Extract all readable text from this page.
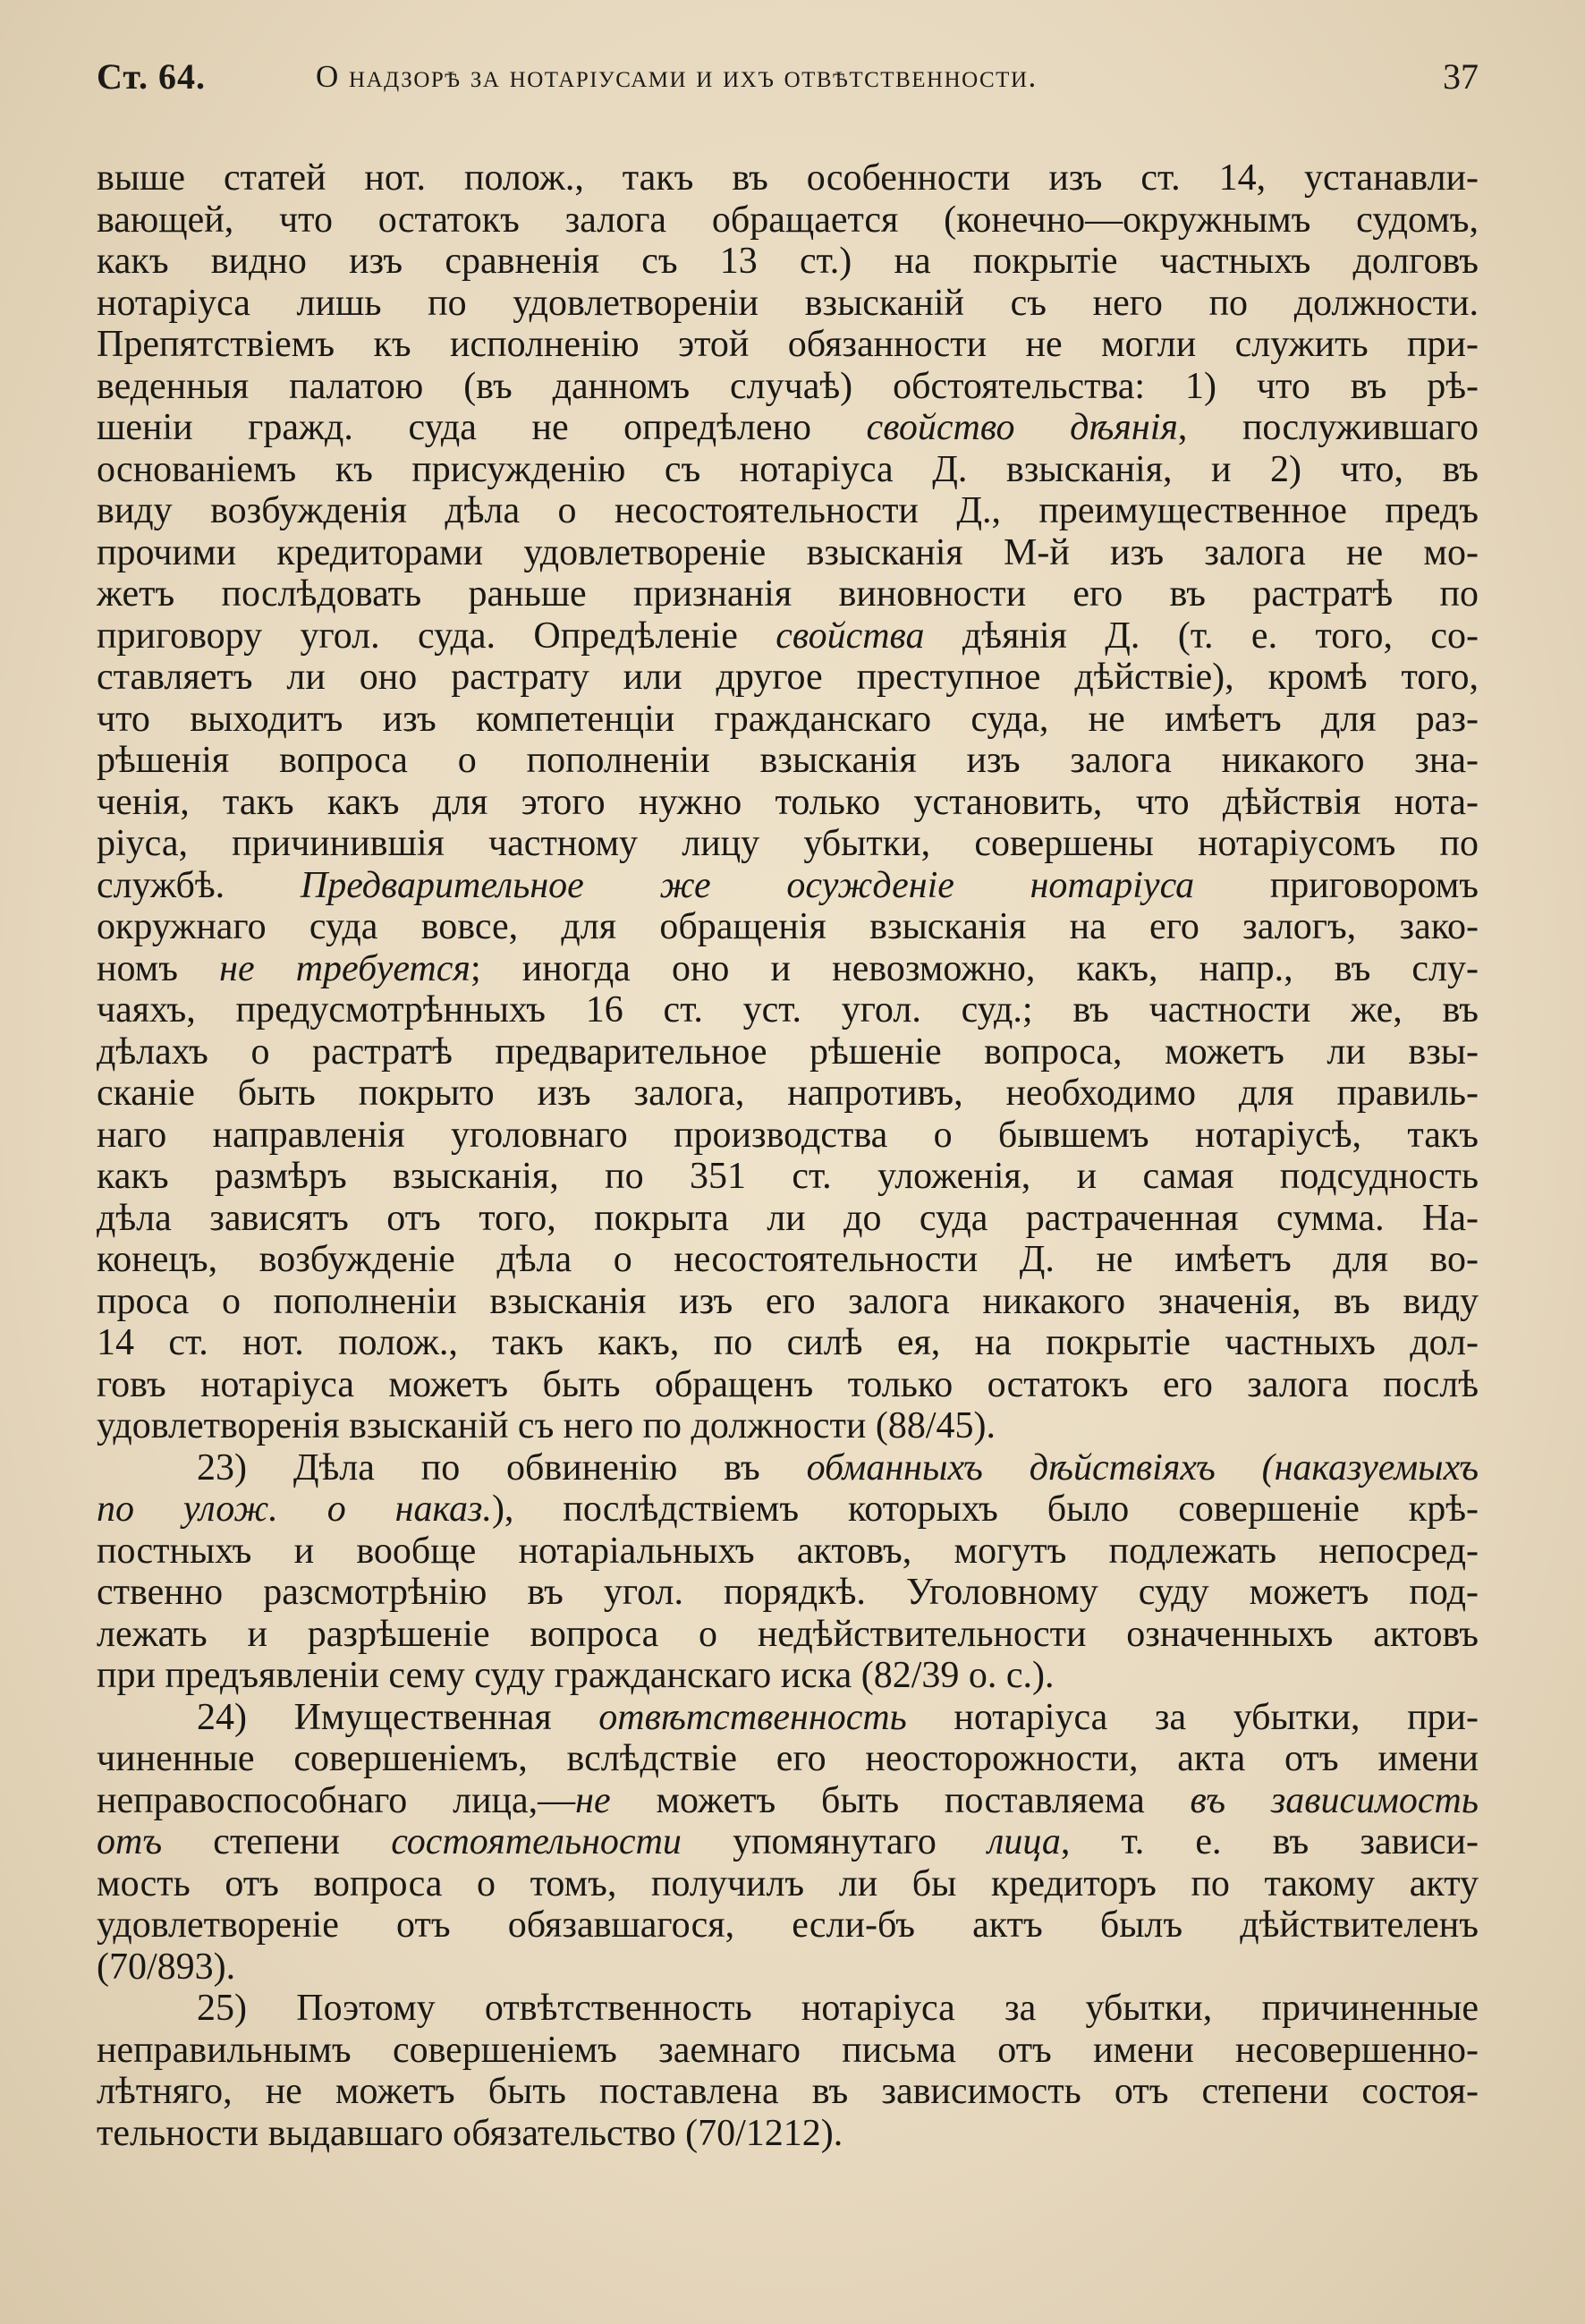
Ст. 64.	О надзорѣ за нотаріусами и ихъ отвѣтственности.	37
выше статей нот. полож., такъ въ особенности изъ ст. 14, устанавли-
вающей, что остатокъ залога обращается (конечно—окружнымъ судомъ,
какъ видно изъ сравненія съ 13 ст.) на покрытіе частныхъ долговъ
нотаріуса лишь по удовлетвореніи взысканій съ него по должности.
Препятствіемъ къ исполненію этой обязанности не могли служить при-
веденныя палатою (въ данномъ случаѣ) обстоятельства: 1) что въ рѣ-
шеніи гражд. суда не опредѣлено свойство дѣянія, послужившаго
основаніемъ къ присужденію съ нотаріуса Д. взысканія, и 2) что, въ
виду возбужденія дѣла о несостоятельности Д., преимущественное предъ
прочими кредиторами удовлетвореніе взысканія М-й изъ залога не мо-
жетъ послѣдовать раньше признанія виновности его въ растратѣ по
приговору угол. суда. Опредѣленіе свойства дѣянія Д. (т. е. того, со-
ставляетъ ли оно растрату или другое преступное дѣйствіе), кромѣ того,
что выходитъ изъ компетенціи гражданскаго суда, не имѣетъ для раз-
рѣшенія вопроса о пополненіи взысканія изъ залога никакого зна-
ченія, такъ какъ для этого нужно только установить, что дѣйствія нота-
ріуса, причинившія частному лицу убытки, совершены нотаріусомъ по
службѣ. Предварительное же осужденіе нотаріуса приговоромъ
окружнаго суда вовсе, для обращенія взысканія на его залогъ, зако-
номъ не требуется; иногда оно и невозможно, какъ, напр., въ слу-
чаяхъ, предусмотрѣнныхъ 16 ст. уст. угол. суд.; въ частности же, въ
дѣлахъ о растратѣ предварительное рѣшеніе вопроса, можетъ ли взы-
сканіе быть покрыто изъ залога, напротивъ, необходимо для правиль-
наго направленія уголовнаго производства о бывшемъ нотаріусѣ, такъ
какъ размѣръ взысканія, по 351 ст. уложенія, и самая подсудность
дѣла зависятъ отъ того, покрыта ли до суда растраченная сумма. На-
конецъ, возбужденіе дѣла о несостоятельности Д. не имѣетъ для во-
проса о пополненіи взысканія изъ его залога никакого значенія, въ виду
14 ст. нот. полож., такъ какъ, по силѣ ея, на покрытіе частныхъ дол-
говъ нотаріуса можетъ быть обращенъ только остатокъ его залога послѣ
удовлетворенія взысканій съ него по должности (88/45).
23) Дѣла по обвиненію въ обманныхъ дѣйствіяхъ (наказуемыхъ
по улож. о наказ.), послѣдствіемъ которыхъ было совершеніе крѣ-
постныхъ и вообще нотаріальныхъ актовъ, могутъ подлежать непосред-
ственно разсмотрѣнію въ угол. порядкѣ. Уголовному суду можетъ под-
лежать и разрѣшеніе вопроса о недѣйствительности означенныхъ актовъ
при предъявленіи сему суду гражданскаго иска (82/39 о. с.).
24) Имущественная отвѣтственность нотаріуса за убытки, при-
чиненные совершеніемъ, вслѣдствіе его неосторожности, акта отъ имени
неправоспособнаго лица,—не можетъ быть поставляема въ зависимость
отъ степени состоятельности упомянутаго лица, т. е. въ зависи-
мость отъ вопроса о томъ, получилъ ли бы кредиторъ по такому акту
удовлетвореніе отъ обязавшагося, если-бъ актъ былъ дѣйствителенъ
(70/893).
25) Поэтому отвѣтственность нотаріуса за убытки, причиненные
неправильнымъ совершеніемъ заемнаго письма отъ имени несовершенно-
лѣтняго, не можетъ быть поставлена въ зависимость отъ степени состоя-
тельности выдавшаго обязательство (70/1212).
